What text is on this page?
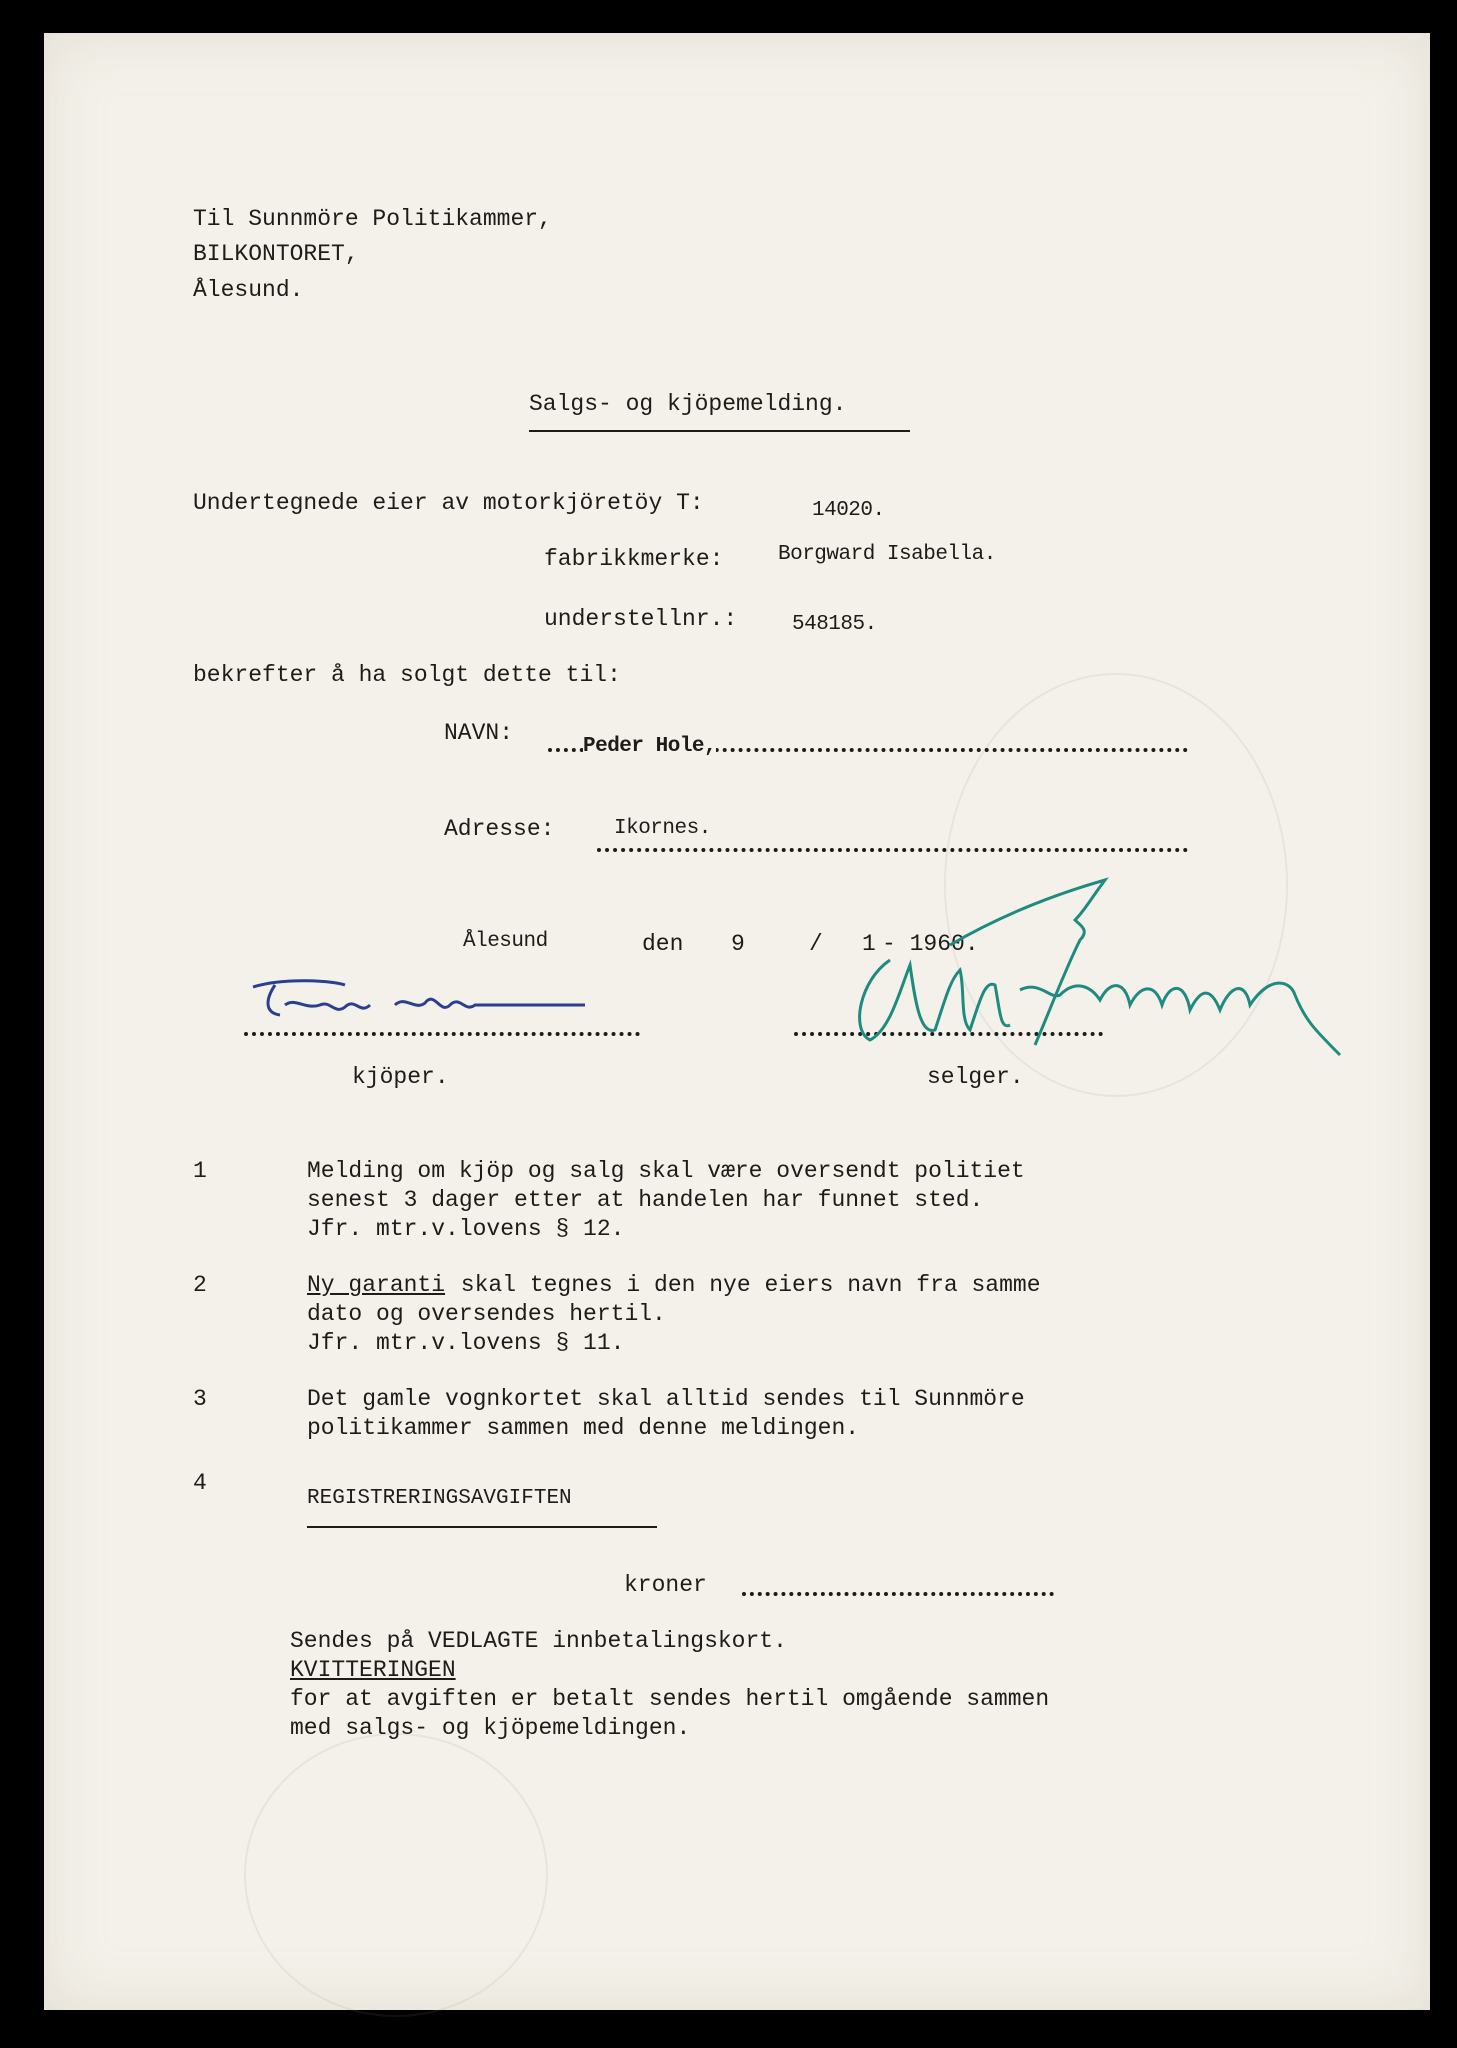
Til Sunnmöre Politikammer,
BILKONTORET,
Ålesund.
Salgs- og kjöpemelding.
Undertegnede eier av motorkjöretöy T:	14020.
fabrikkmerke:	Borgward Isabella.
understellnr.:	548185.
bekrefter å ha solgt dette til:
NAVN:
Peder Hole,
Adresse:	Ikornes.
Ålesund	den 9	/ 1 - 1960.
kjöper.	selger.
1	Melding om kjöp og salg skal være oversendt politiet
senest 3 dager etter at handelen har funnet sted.
Jfr. mtr.v.lovens § 12.
2	Ny garanti skal tegnes i den nye eiers navn fra samme
dato og oversendes hertil.
Jfr. mtr.v.lovens § 11.
3	Det gamle vognkortet skal alltid sendes til Sunnmöre
politikammer sammen med denne meldingen.
4
REGISTRERINGSAVGIFTEN
kroner
Sendes på VEDLAGTE innbetalingskort.
KVITTERINGEN
for at avgiften er betalt sendes hertil omgående sammen
med salgs- og kjöpemeldingen.
